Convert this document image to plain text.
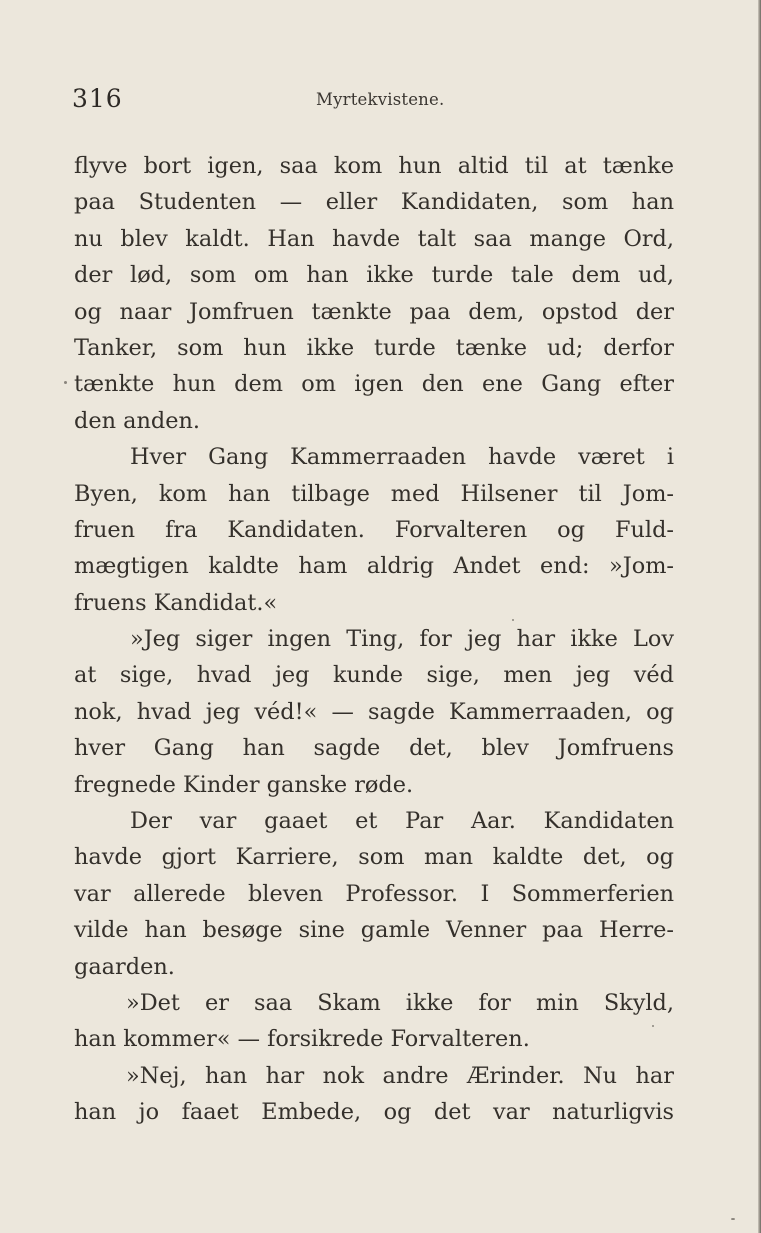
316	Myrtekvistene.
flyve bort igen, saa kom hun altid til at tænke
paa Studenten — eller Kandidaten, som han
nu blev kaldt. Han havde talt saa mange Ord,
der lød, som om han ikke turde tale dem ud,
og naar Jomfruen tænkte paa dem, opstod der
Tanker, som hun ikke turde tænke ud; derfor
tænkte hun dem om igen den ene Gang efter
den anden.
Hver Gang Kammerraaden havde været i
Byen, kom han tilbage med Hilsener til Jom-
fruen fra Kandidaten. Forvalteren og Fuld-
mægtigen kaldte ham aldrig Andet end: »Jom-
fruens Kandidat.«
»Jeg siger ingen Ting, for jeg har ikke Lov
at sige, hvad jeg kunde sige, men jeg véd
nok, hvad jeg véd!« — sagde Kammerraaden, og
hver Gang han sagde det, blev Jomfruens
fregnede Kinder ganske røde.
Der var gaaet et Par Aar. Kandidaten
havde gjort Karriere, som man kaldte det, og
var allerede bleven Professor. I Sommerferien
vilde han besøge sine gamle Venner paa Herre-
gaarden.
»Det er saa Skam ikke for min Skyld,
han kommer« — forsikrede Forvalteren.
»Nej, han har nok andre Ærinder. Nu har
han jo faaet Embede, og det var naturligvis
